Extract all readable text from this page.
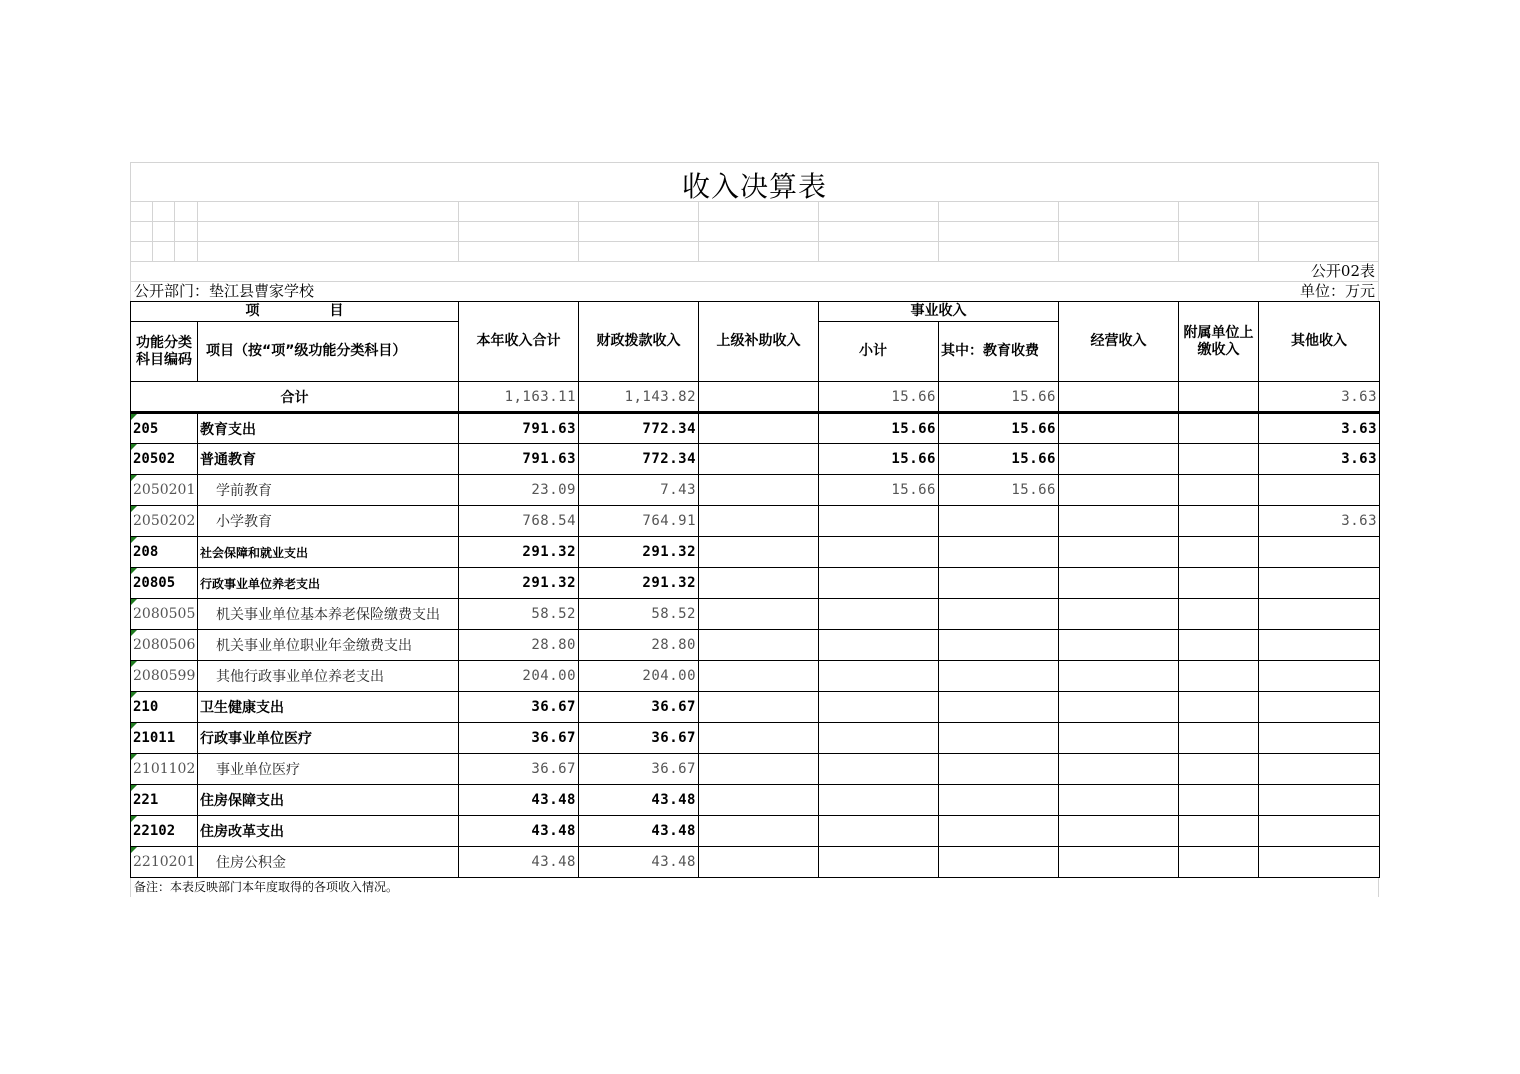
收入决算表
公开02表
公开部门：垫江县曹家学校	单位：万元
项　　　　　目		本年收入合计	财政拨款收入	上级补助收入	事业收入		经营收入	附属单位上缴收入	其他收入
功能分类科目编码	项目（按“项”级功能分类科目）				小计	其中：教育收费			
合计		1,163.11	1,143.82		15.66	15.66			3.63
205	教育支出	791.63	772.34		15.66	15.66			3.63
20502	普通教育	791.63	772.34		15.66	15.66			3.63
2050201	学前教育	23.09	7.43		15.66	15.66			
2050202	小学教育	768.54	764.91						3.63
208	社会保障和就业支出	291.32	291.32						
20805	行政事业单位养老支出	291.32	291.32						
2080505	机关事业单位基本养老保险缴费支出	58.52	58.52						
2080506	机关事业单位职业年金缴费支出	28.80	28.80						
2080599	其他行政事业单位养老支出	204.00	204.00						
210	卫生健康支出	36.67	36.67						
21011	行政事业单位医疗	36.67	36.67						
2101102	事业单位医疗	36.67	36.67						
221	住房保障支出	43.48	43.48						
22102	住房改革支出	43.48	43.48						
2210201	住房公积金	43.48	43.48						
备注：本表反映部门本年度取得的各项收入情况。
